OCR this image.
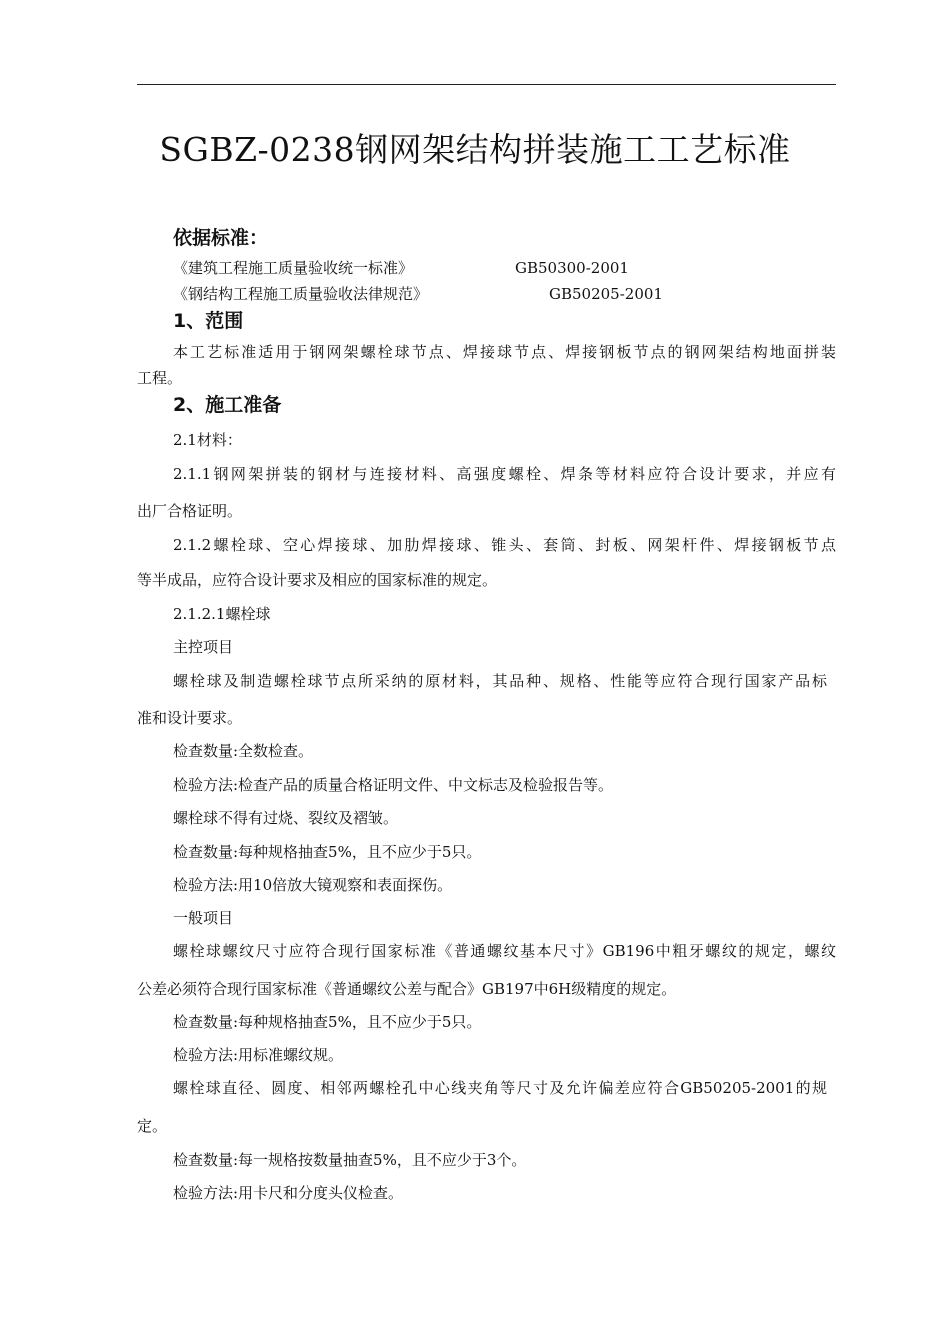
SGBZ-0238钢网架结构拼装施工工艺标准
依据标准：
《建筑工程施工质量验收统一标准》	GB50300-2001
《钢结构工程施工质量验收法律规范》	GB50205-2001
1、范围
本工艺标准适用于钢网架螺栓球节点、焊接球节点、焊接钢板节点的钢网架结构地面拼装
工程。
2、施工准备
2.1材料：
2.1.1钢网架拼装的钢材与连接材料、高强度螺栓、焊条等材料应符合设计要求，并应有
出厂合格证明。
2.1.2螺栓球、空心焊接球、加肋焊接球、锥头、套筒、封板、网架杆件、焊接钢板节点
等半成品，应符合设计要求及相应的国家标准的规定。
2.1.2.1螺栓球
主控项目
螺栓球及制造螺栓球节点所采纳的原材料，其品种、规格、性能等应符合现行国家产品标
准和设计要求。
检查数量:全数检查。
检验方法:检查产品的质量合格证明文件、中文标志及检验报告等。
螺栓球不得有过烧、裂纹及褶皱。
检查数量:每种规格抽查5%，且不应少于5只。
检验方法:用10倍放大镜观察和表面探伤。
一般项目
螺栓球螺纹尺寸应符合现行国家标准《普通螺纹基本尺寸》GB196中粗牙螺纹的规定，螺纹
公差必须符合现行国家标准《普通螺纹公差与配合》GB197中6H级精度的规定。
检查数量:每种规格抽查5%，且不应少于5只。
检验方法:用标准螺纹规。
螺栓球直径、圆度、相邻两螺栓孔中心线夹角等尺寸及允许偏差应符合GB50205-2001的规
定。
检查数量:每一规格按数量抽查5%，且不应少于3个。
检验方法:用卡尺和分度头仪检查。
